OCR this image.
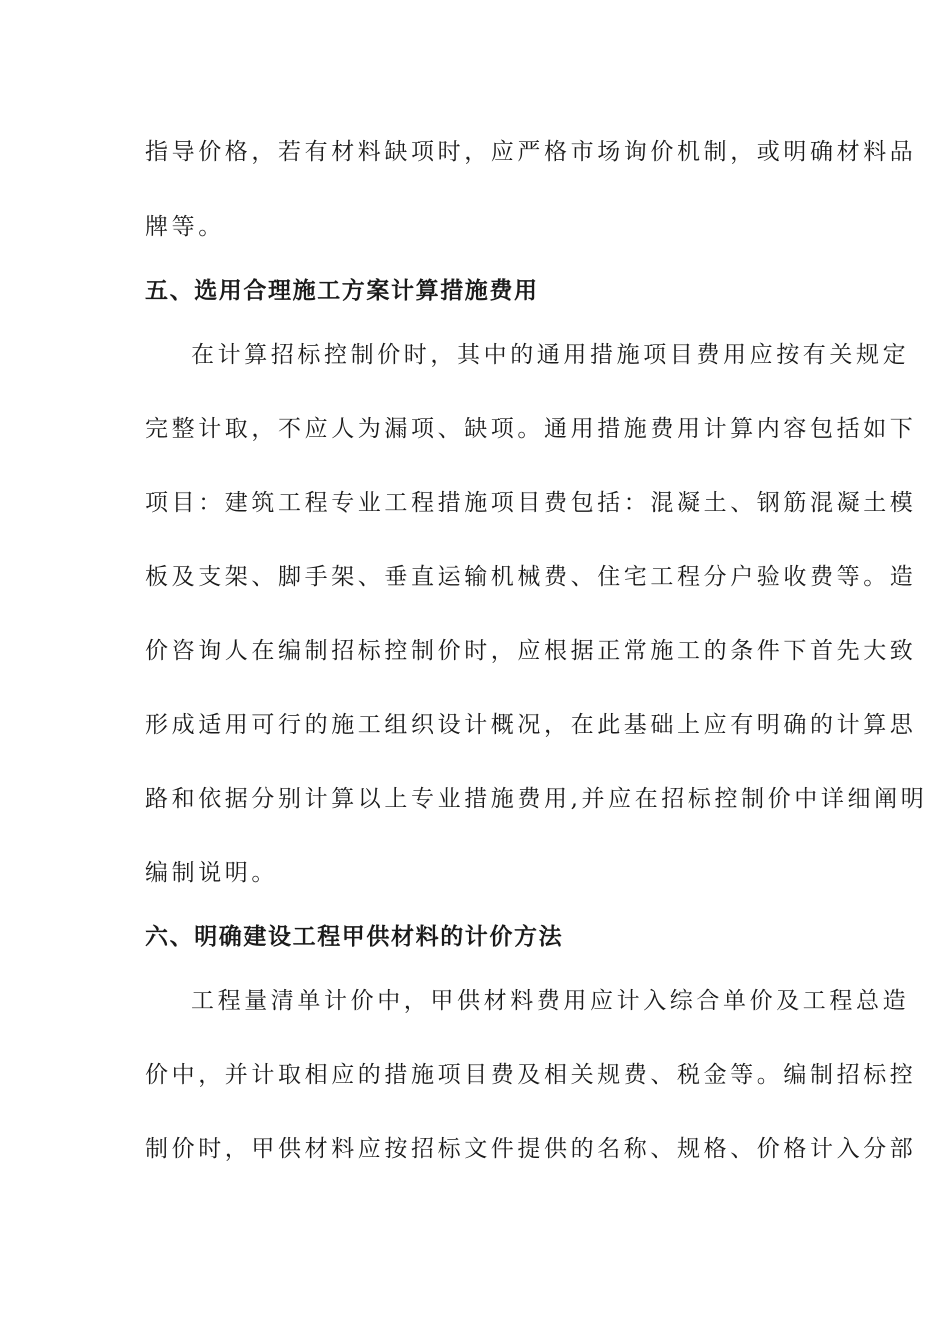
指导价格，若有材料缺项时，应严格市场询价机制，或明确材料品
牌等。
五、选用合理施工方案计算措施费用
在计算招标控制价时，其中的通用措施项目费用应按有关规定
完整计取，不应人为漏项、缺项。通用措施费用计算内容包括如下
项目：建筑工程专业工程措施项目费包括：混凝土、钢筋混凝土模
板及支架、脚手架、垂直运输机械费、住宅工程分户验收费等。造
价咨询人在编制招标控制价时，应根据正常施工的条件下首先大致
形成适用可行的施工组织设计概况，在此基础上应有明确的计算思
路和依据分别计算以上专业措施费用,并应在招标控制价中详细阐明
编制说明。
六、明确建设工程甲供材料的计价方法
工程量清单计价中，甲供材料费用应计入综合单价及工程总造
价中，并计取相应的措施项目费及相关规费、税金等。编制招标控
制价时，甲供材料应按招标文件提供的名称、规格、价格计入分部
